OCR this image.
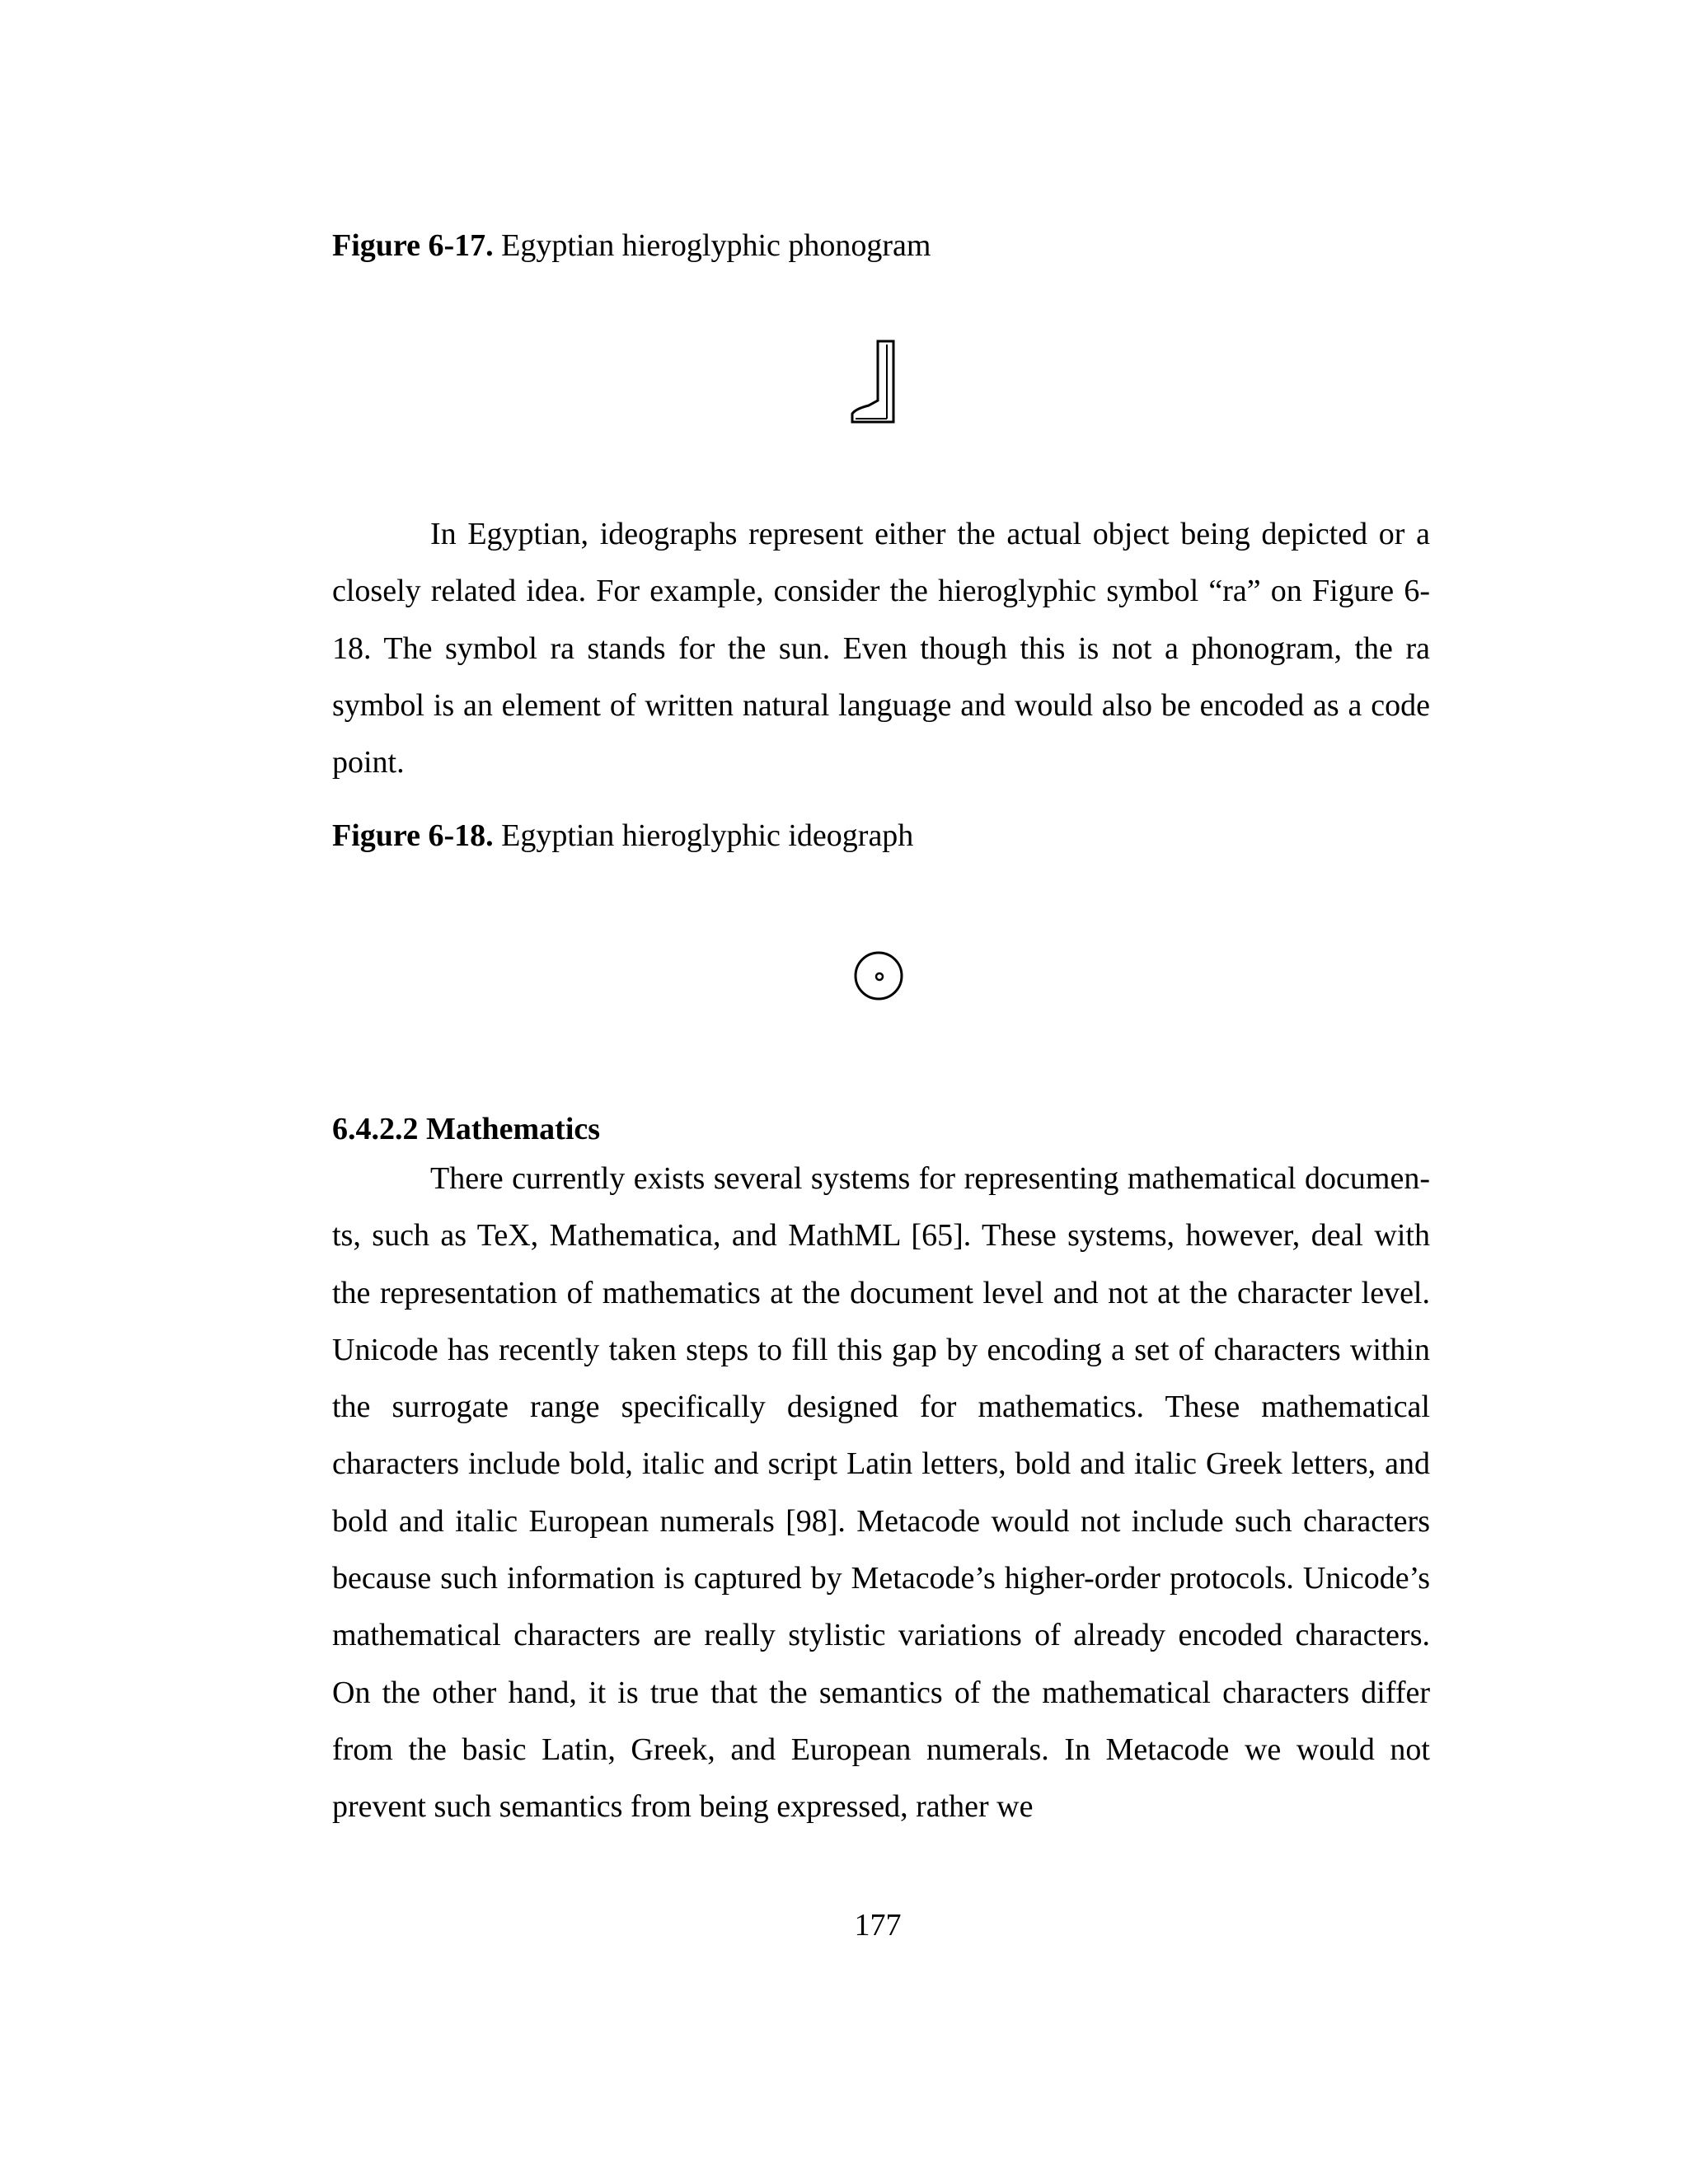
Figure 6-17. Egyptian hieroglyphic phonogram

In Egyptian, ideographs represent either the actual object being depicted or a closely related idea. For example, consider the hieroglyphic symbol “ra” on Figure 6-18. The symbol ra stands for the sun. Even though this is not a phonogram, the ra symbol is an element of written natural language and would also be encoded as a code point.

Figure 6-18. Egyptian hieroglyphic ideograph
6.4.2.2 Mathematics

There currently exists several systems for representing mathematical documents, such as TeX, Mathematica, and MathML [65]. These systems, however, deal with the representation of mathematics at the document level and not at the character level. Unicode has recently taken steps to fill this gap by encoding a set of characters within the surrogate range specifically designed for mathematics. These mathematical characters include bold, italic and script Latin letters, bold and italic Greek letters, and bold and italic European numerals [98]. Metacode would not include such characters because such information is captured by Metacode’s higher-order protocols. Unicode’s mathematical characters are really stylistic variations of already encoded characters. On the other hand, it is true that the semantics of the mathematical characters differ from the basic Latin, Greek, and European numerals. In Metacode we would not prevent such semantics from being expressed, rather we

177
